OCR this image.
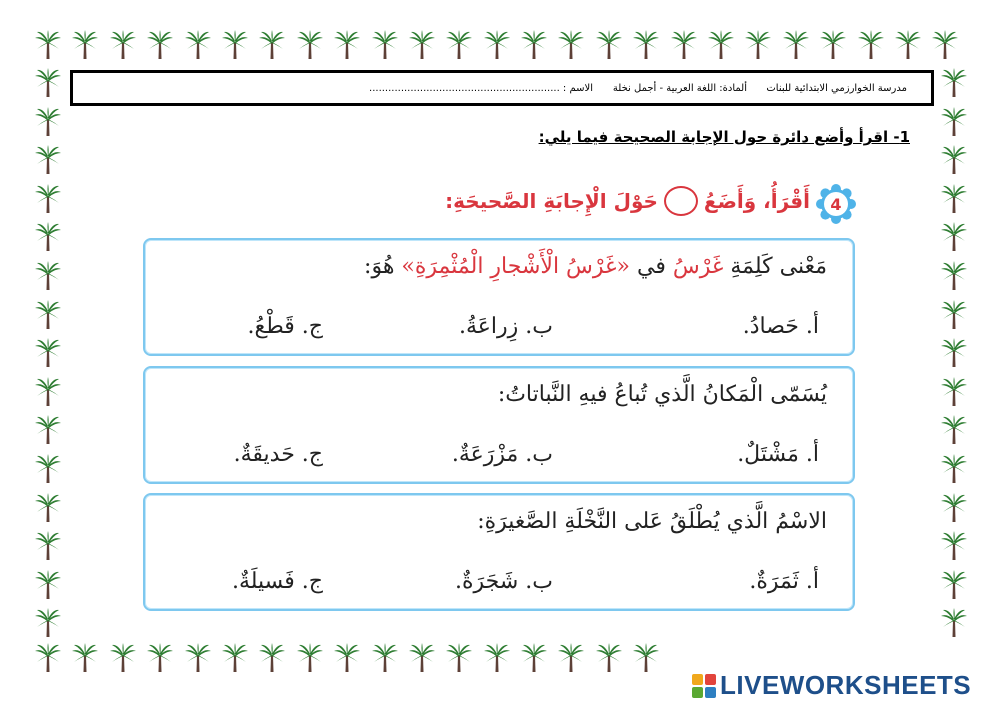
مدرسة الخوارزمي الابتدائية للبنات
ألمادة: اللغة العربية - أجمل نخلة
الاسم : ............................................................
1- اقرأ وأضع دائرة حول الإجابة الصحيحة فيما يلي:
4
أَقْرَأُ، وَأَضَعُ
حَوْلَ الْإِجابَةِ الصَّحيحَةِ:
مَعْنى كَلِمَةِ غَرْسُ في «غَرْسُ الْأَشْجارِ الْمُثْمِرَةِ» هُوَ:
أ. حَصادُ.
ب. زِراعَةُ.
ج. قَطْعُ.
يُسَمّى الْمَكانُ الَّذي تُباعُ فيهِ النَّباتاتُ:
أ. مَشْتَلٌ.
ب. مَزْرَعَةٌ.
ج. حَديقَةٌ.
الاسْمُ الَّذي يُطْلَقُ عَلى النَّخْلَةِ الصَّغيرَةِ:
أ. ثَمَرَةٌ.
ب. شَجَرَةٌ.
ج. فَسيلَةٌ.
LIVEWORKSHEETS
